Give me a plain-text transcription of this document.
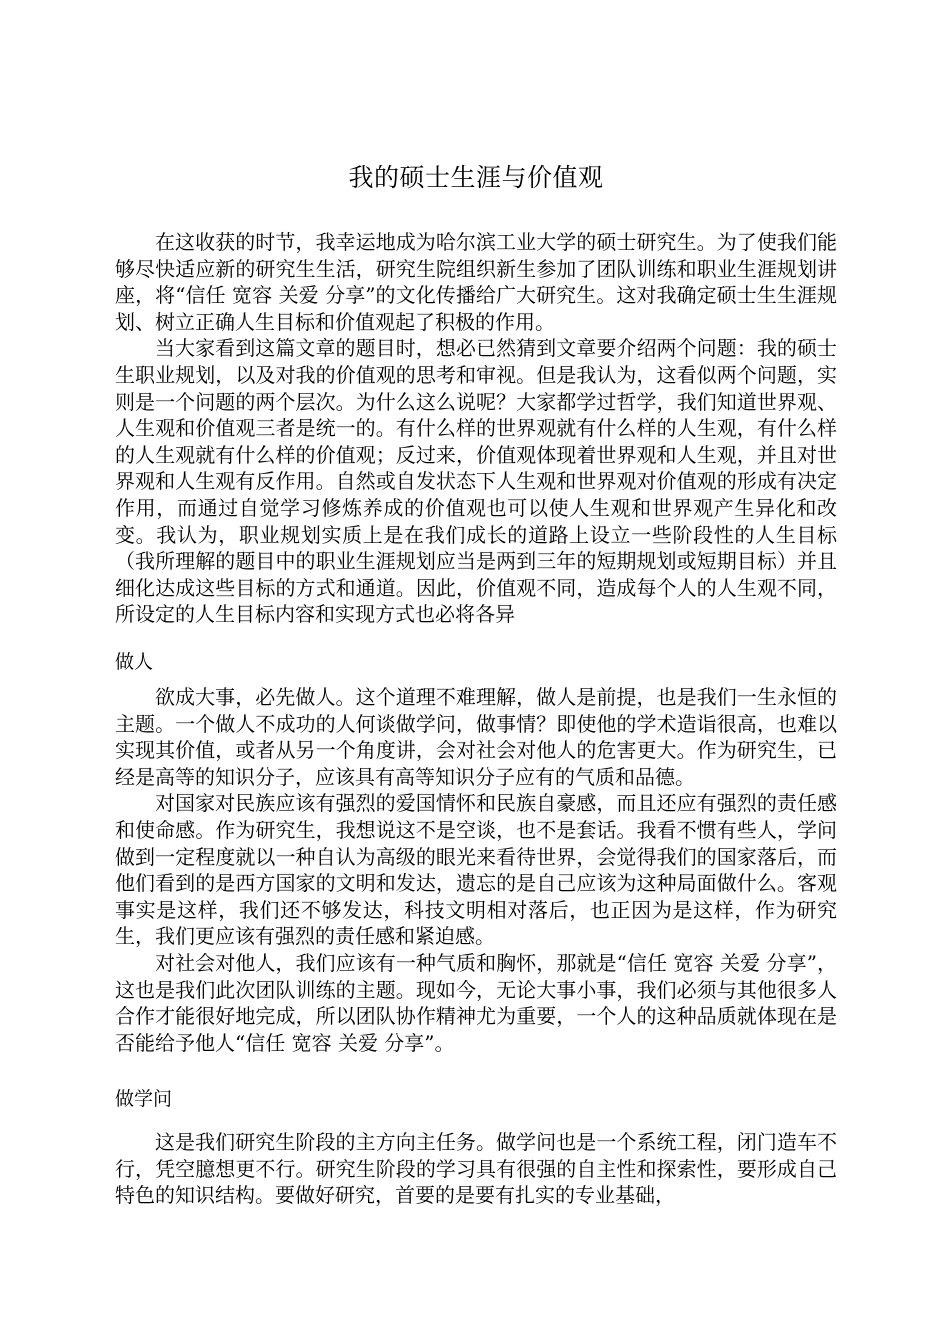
我的硕士生涯与价值观

在这收获的时节，我幸运地成为哈尔滨工业大学的硕士研究生。为了使我们能够尽快适应新的研究生生活，研究生院组织新生参加了团队训练和职业生涯规划讲座，将“信任 宽容 关爱 分享”的文化传播给广大研究生。这对我确定硕士生生涯规划、树立正确人生目标和价值观起了积极的作用。

当大家看到这篇文章的题目时，想必已然猜到文章要介绍两个问题：我的硕士生职业规划，以及对我的价值观的思考和审视。但是我认为，这看似两个问题，实则是一个问题的两个层次。为什么这么说呢？大家都学过哲学，我们知道世界观、人生观和价值观三者是统一的。有什么样的世界观就有什么样的人生观，有什么样的人生观就有什么样的价值观；反过来，价值观体现着世界观和人生观，并且对世界观和人生观有反作用。自然或自发状态下人生观和世界观对价值观的形成有决定作用，而通过自觉学习修炼养成的价值观也可以使人生观和世界观产生异化和改变。我认为，职业规划实质上是在我们成长的道路上设立一些阶段性的人生目标（我所理解的题目中的职业生涯规划应当是两到三年的短期规划或短期目标）并且细化达成这些目标的方式和通道。因此，价值观不同，造成每个人的人生观不同，所设定的人生目标内容和实现方式也必将各异

做人

欲成大事，必先做人。这个道理不难理解，做人是前提，也是我们一生永恒的主题。一个做人不成功的人何谈做学问，做事情？即使他的学术造诣很高，也难以实现其价值，或者从另一个角度讲，会对社会对他人的危害更大。作为研究生，已经是高等的知识分子，应该具有高等知识分子应有的气质和品德。

对国家对民族应该有强烈的爱国情怀和民族自豪感，而且还应有强烈的责任感和使命感。作为研究生，我想说这不是空谈，也不是套话。我看不惯有些人，学问做到一定程度就以一种自认为高级的眼光来看待世界，会觉得我们的国家落后，而他们看到的是西方国家的文明和发达，遗忘的是自己应该为这种局面做什么。客观事实是这样，我们还不够发达，科技文明相对落后，也正因为是这样，作为研究生，我们更应该有强烈的责任感和紧迫感。

对社会对他人，我们应该有一种气质和胸怀，那就是“信任 宽容 关爱 分享”，这也是我们此次团队训练的主题。现如今，无论大事小事，我们必须与其他很多人合作才能很好地完成，所以团队协作精神尤为重要，一个人的这种品质就体现在是否能给予他人“信任 宽容 关爱 分享”。

做学问

这是我们研究生阶段的主方向主任务。做学问也是一个系统工程，闭门造车不行，凭空臆想更不行。研究生阶段的学习具有很强的自主性和探索性，要形成自己特色的知识结构。要做好研究，首要的是要有扎实的专业基础，
